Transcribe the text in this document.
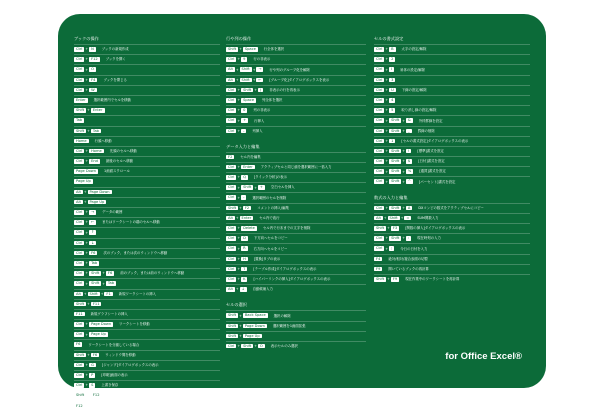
ブックの操作
Ctrl + N	ブックの新規作成
Ctrl + F12	ブックを開く
Ctrl + O
Ctrl + F4	ブックを閉じる
Ctrl + W
Enter	選択範囲内でセルを移動
Shift + Enter
Tab
Shift + Tab
Home	行頭へ移動
Ctrl + Home	先頭のセルへ移動
Ctrl + End	最後のセルへ移動
Page Down	1画面スクロール
Page Up
Alt + Page Down
Alt + Page Up
Ctrl + →	データの範囲
Ctrl + ←	またはワークシートの端のセルへ移動
Ctrl + ↑
Ctrl + ↓
Ctrl + F6	次のブック、または次のウィンドウへ移動
Ctrl + Tab
Ctrl + Shift + F6	前のブック、または前のウィンドウへ移動
Ctrl + Shift + Tab
Alt + Shift + F1	新規ワークシートの挿入
Shift + F11
F11	新規グラフシートの挿入
Ctrl + Page Down	ワークシートを移動
Ctrl + Page Up
F6	ワークシートを分割している場合
Shift + F6	ウィンドウ間を移動
Ctrl + G	[ジャンプ]ダイアログボックスの表示
Ctrl + P	[印刷]画面の表示
Ctrl + S	上書き保存
Shift + F12
F12	名前をつけて保存
行や列の操作
Shift + Space	行全体を選択
Ctrl + 9	行の非表示
Alt + Shift + →	行や列のグループ化を解除
Alt + Shift + ←	[グループ化]ダイアログボックスを表示
Ctrl + Shift + (	非表示の行を再表示
Ctrl + Space	列全体を選択
Ctrl + 0	列の非表示
Ctrl + +	行挿入
Ctrl + -	列挿入
データ入力と編集
F2	セル内を編集
Ctrl + Enter	アクティブセルと同じ値を選択範囲に一括入力
Ctrl + Q	[クイック分析]の表示
Ctrl + Shift + +	空白セルを挿入
Ctrl + -	選択範囲のセルを削除
Shift + F2	コメントの挿入/編集
Alt + Enter	セル内で改行
Ctrl + Delete	セル内で行末までの文字を削除
Ctrl + D	下方向へセルをコピー
Ctrl + R	右方向へセルをコピー
Ctrl + H	[置換]タブの表示
Ctrl + T	[テーブル作成]ダイアログボックスの表示
Ctrl + K	[ハイパーリンクの挿入]ダイアログボックスの表示
Alt + ↓	自動候補入力
セルの選択
Shift + Back Space	選択の解除
Shift + Page Down	選択範囲を1画面拡張
Shift + Page Up
Ctrl + Shift + O	表示セルのみ選択
セルの書式設定
Ctrl + B	太字の設定/解除
Ctrl + 2
Ctrl + I	斜体の設定/解除
Ctrl + 3
Ctrl + U	下線の設定/解除
Ctrl + 4
Ctrl + 5	取り消し線の設定/解除
Ctrl + Shift + &	外枠罫線を設定
Ctrl + Shift + _	罫線の削除
Ctrl + 1	[セルの書式設定]ダイアログボックスの表示
Ctrl + Shift + !	[標準]書式を設定
Ctrl + Shift + $	[日付]書式を設定
Ctrl + Shift + %	[通貨]書式を設定
Ctrl + Shift + ^	[パーセント]書式を設定
数式の入力と編集
Ctrl + Shift + A	DXコンピの数式をアクティブセルにコピー
Alt + Shift + =	SUM関数入力
Shift + F3	[関数の挿入]ダイアログボックスの表示
Ctrl + Shift + :	現在時刻の入力
Ctrl + ;	今日の日付を入力
F4	絶対/相対/複合参照の切替
F9	開いているブックの再計算
Shift + F9	現在作業中のワークシートを再計算
for Office Excel®
